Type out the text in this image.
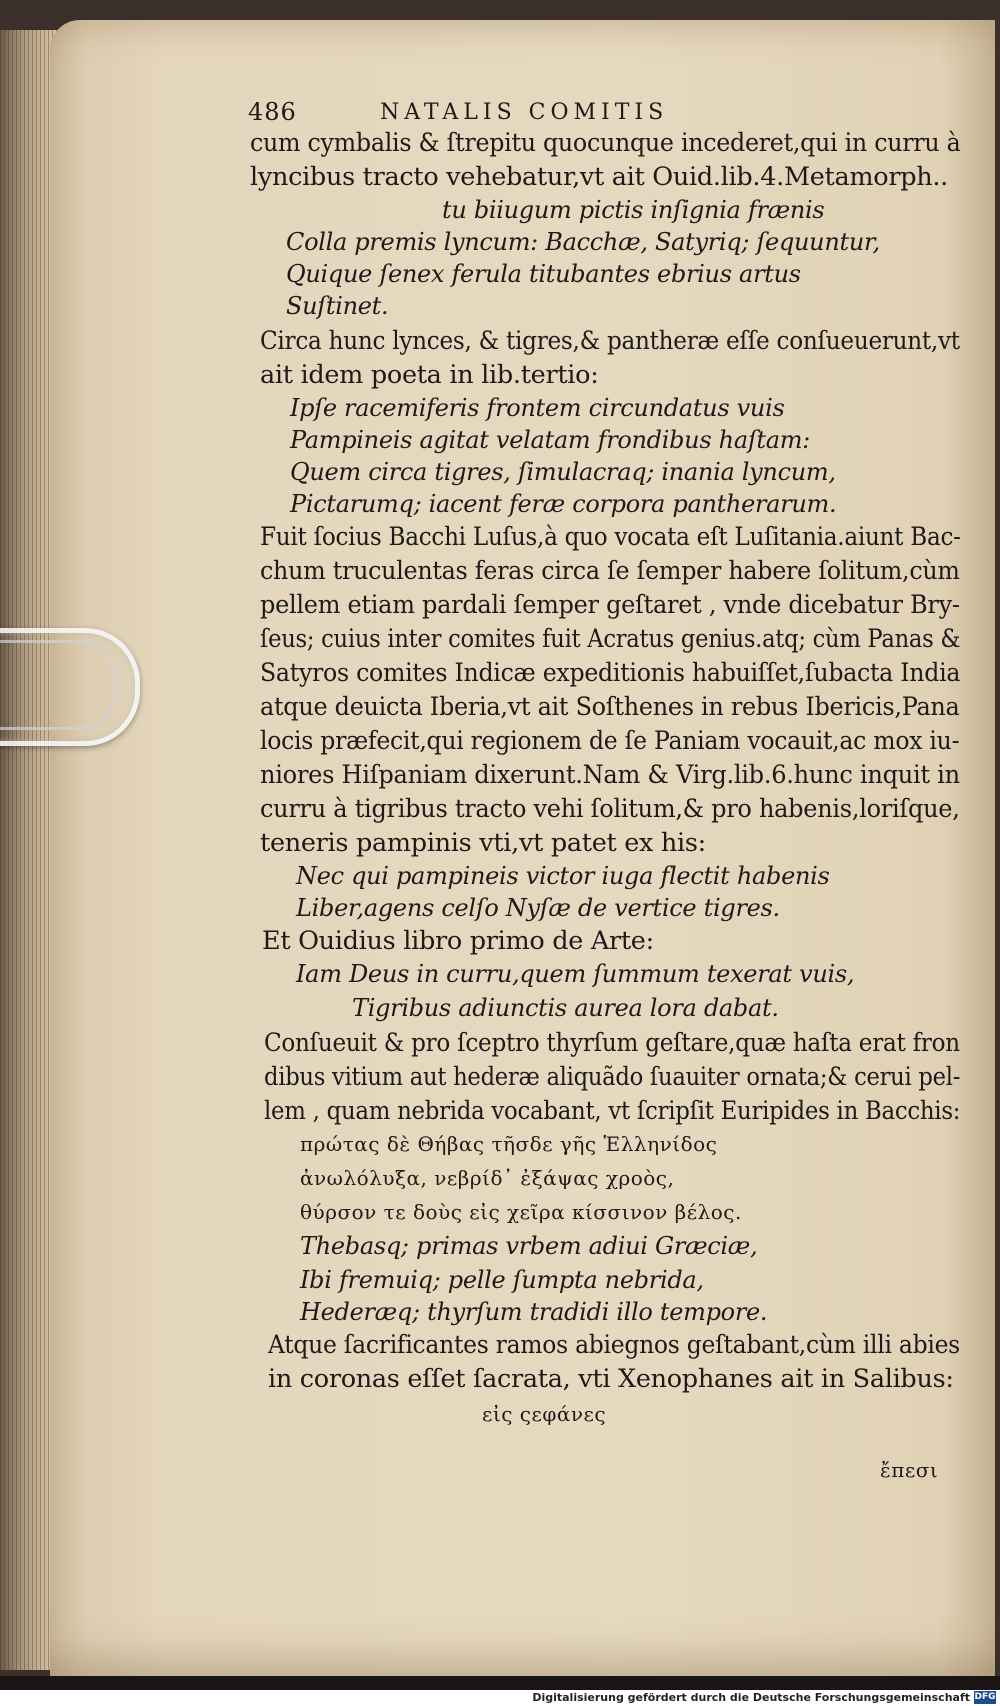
486	NATALIS COMITIS
cum cymbalis & ſtrepitu quocunque incederet,qui in curru à
lyncibus tracto vehebatur,vt ait Ouid.lib.4.Metamorph..
tu biiugum pictis inſignia frænis
Colla premis lyncum: Bacchæ, Satyriq; ſequuntur,
Quique ſenex ferula titubantes ebrius artus
Suſtinet.
Circa hunc lynces, & tigres,& pantheræ eſſe conſueuerunt,vt
ait idem poeta in lib.tertio:
Ipſe racemiferis frontem circundatus vuis
Pampineis agitat velatam frondibus haſtam:
Quem circa tigres, ſimulacraq; inania lyncum,
Pictarumq; iacent feræ corpora pantherarum.
Fuit ſocius Bacchi Luſus,à quo vocata eſt Luſitania.aiunt Bac-
chum truculentas feras circa ſe ſemper habere ſolitum,cùm
pellem etiam pardali ſemper geſtaret , vnde dicebatur Bry-
ſeus; cuius inter comites fuit Acratus genius.atq; cùm Panas &
Satyros comites Indicæ expeditionis habuiſſet,ſubacta India
atque deuicta Iberia,vt ait Soſthenes in rebus Ibericis,Pana
locis præfecit,qui regionem de ſe Paniam vocauit,ac mox iu-
niores Hiſpaniam dixerunt.Nam & Virg.lib.6.hunc inquit in
curru à tigribus tracto vehi ſolitum,& pro habenis,loriſque,
teneris pampinis vti,vt patet ex his:
Nec qui pampineis victor iuga flectit habenis
Liber,agens celſo Nyſæ de vertice tigres.
Et Ouidius libro primo de Arte:
Iam Deus in curru,quem ſummum texerat vuis,
Tigribus adiunctis aurea lora dabat.
Conſueuit & pro ſceptro thyrſum geſtare,quæ haſta erat fron
dibus vitium aut hederæ aliquãdo ſuauiter ornata;& cerui pel-
lem , quam nebrida vocabant, vt ſcripſit Euripides in Bacchis:
πρώτας δὲ Θήβας τῆσδε γῆς Ἑλληνίδος
ἀνωλόλυξα, νεβρίδ᾽ ἐξάψας χροὸς,
θύρσον τε δοὺς εἰς χεῖρα κίσσινον βέλος.
Thebasq; primas vrbem adiui Græciæ,
Ibi fremuiq; pelle ſumpta nebrida,
Hederæq; thyrſum tradidi illo tempore.
Atque ſacrificantes ramos abiegnos geſtabant,cùm illi abies
in coronas eſſet ſacrata, vti Xenophanes ait in Salibus:
εἰς ςεφάνες
ἔπεσι
Digitalisierung gefördert durch die Deutsche Forschungsgemeinschaft DFG
